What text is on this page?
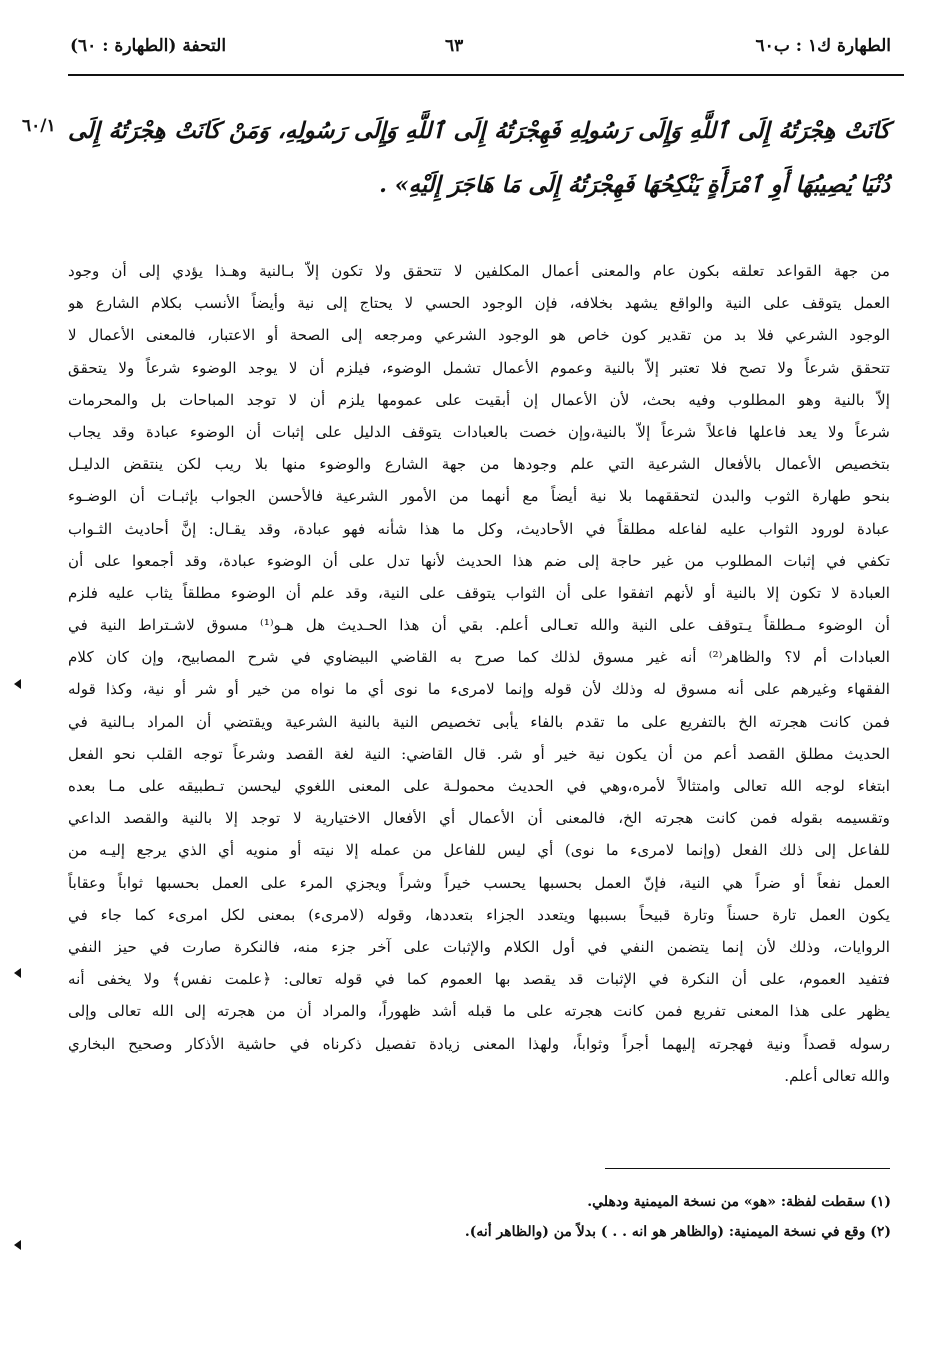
الطهارة ك١ : ب٦٠
٦٣
التحفة (الطهارة : ٦٠)
٦٠/١ كَانَتْ هِجْرَتُهُ إِلَى ٱللَّهِ وَإِلَى رَسُولِهِ فَهِجْرَتُهُ إِلَى ٱللَّهِ وَإِلَى رَسُولِهِ، وَمَنْ كَانَتْ هِجْرَتُهُ إِلَى دُنْيَا يُصِيبُهَا أَوِ ٱمْرَأَةٍ يَنْكِحُهَا فَهِجْرَتُهُ إِلَى مَا هَاجَرَ إِلَيْهِ» .
من جهة القواعد تعلقه بكون عام والمعنى أعمال المكلفين لا تتحقق ولا تكون إلاّ بـالنية وهـذا يؤدي إلى أن وجود
العمل يتوقف على النية والواقع يشهد بخلافه، فإن الوجود الحسي لا يحتاج إلى نية وأيضاً الأنسب بكلام الشارع هو
الوجود الشرعي فلا بد من تقدير كون خاص هو الوجود الشرعي ومرجعه إلى الصحة أو الاعتبار، فالمعنى الأعمال لا
تتحقق شرعاً ولا تصح فلا تعتبر إلاّ بالنية وعموم الأعمال تشمل الوضوء، فيلزم أن لا يوجد الوضوء شرعاً ولا يتحقق
إلاّ بالنية وهو المطلوب وفيه بحث، لأن الأعمال إن أبقيت على عمومها يلزم أن لا توجد المباحات بل والمحرمات
شرعاً ولا يعد فاعلها فاعلاً شرعاً إلاّ بالنية،وإن خصت بالعبادات يتوقف الدليل على إثبات أن الوضوء عبادة وقد يجاب
بتخصيص الأعمال بالأفعال الشرعية التي علم وجودها من جهة الشارع والوضوء منها بلا ريب لكن ينتقض الدليـل
بنحو طهارة الثوب والبدن لتحققهما بلا نية أيضاً مع أنهما من الأمور الشرعية فالأحسن الجواب بإثبـات أن الوضـوء
عبادة لورود الثواب عليه لفاعله مطلقاً في الأحاديث، وكل ما هذا شأنه فهو عبادة، وقد يقـال: إنَّ أحاديث الثـواب
تكفي في إثبات المطلوب من غير حاجة إلى ضم هذا الحديث لأنها تدل على أن الوضوء عبادة، وقد أجمعوا على أن
العبادة لا تكون إلا بالنية أو لأنهم اتفقوا على أن الثواب يتوقف على النية، وقد علم أن الوضوء مطلقاً يثاب عليه فلزم
أن الوضوء مـطلقاً يـتوقف على النية والله تعـالى أعلم. بقي أن هذا الحـديث هل هـو⁽¹⁾ مسوق لاشـتراط النية في
العبادات أم لا؟ والظاهر⁽²⁾ أنه غير مسوق لذلك كما صرح به القاضي البيضاوي في شرح المصابيح، وإن كان كلام
الفقهاء وغيرهم على أنه مسوق له وذلك لأن قوله وإنما لامرىء ما نوى أي ما نواه من خير أو شر أو نية، وكذا قوله
فمن كانت هجرته الخ بالتفريع على ما تقدم بالفاء يأبى تخصيص النية بالنية الشرعية ويقتضي أن المراد بـالنية في
الحديث مطلق القصد أعم من أن يكون نية خير أو شر. قال القاضي: النية لغة القصد وشرعاً توجه القلب نحو الفعل
ابتغاء لوجه الله تعالى وامتثالاً لأمره،وهي في الحديث محمولـة على المعنى اللغوي ليحسن تـطبيقه على مـا بعده
وتقسيمه بقوله فمن كانت هجرته الخ، فالمعنى أن الأعمال أي الأفعال الاختيارية لا توجد إلا بالنية والقصد الداعي
للفاعل إلى ذلك الفعل (وإنما لامرىء ما نوى) أي ليس للفاعل من عمله إلا نيته أو منويه أي الذي يرجع إليـه من
العمل نفعاً أو ضراً هي النية، فإنّ العمل بحسبها يحسب خيراً وشراً ويجزي المرء على العمل بحسبها ثواباً وعقاباً
يكون العمل تارة حسناً وتارة قبيحاً بسببها ويتعدد الجزاء بتعددها، وقوله (لامرىء) بمعنى لكل امرىء كما جاء في
الروايات، وذلك لأن إنما يتضمن النفي في أول الكلام والإثبات على آخر جزء منه، فالنكرة صارت في حيز النفي
فتفيد العموم، على أن النكرة في الإثبات قد يقصد بها العموم كما في قوله تعالى: ﴿علمت نفس﴾ ولا يخفى أنه
يظهر على هذا المعنى تفريع فمن كانت هجرته على ما قبله أشد ظهوراً، والمراد أن من هجرته إلى الله تعالى وإلى
رسوله قصداً ونية فهجرته إليهما أجراً وثواباً، ولهذا المعنى زيادة تفصيل ذكرناه في حاشية الأذكار وصحيح البخاري
والله تعالى أعلم.
(١) سقطت لفظة: «هو» من نسخة الميمنية ودهلي.
(٢) وقع في نسخة الميمنية: (والظاهر هو انه . . ) بدلاً من (والظاهر أنه).
